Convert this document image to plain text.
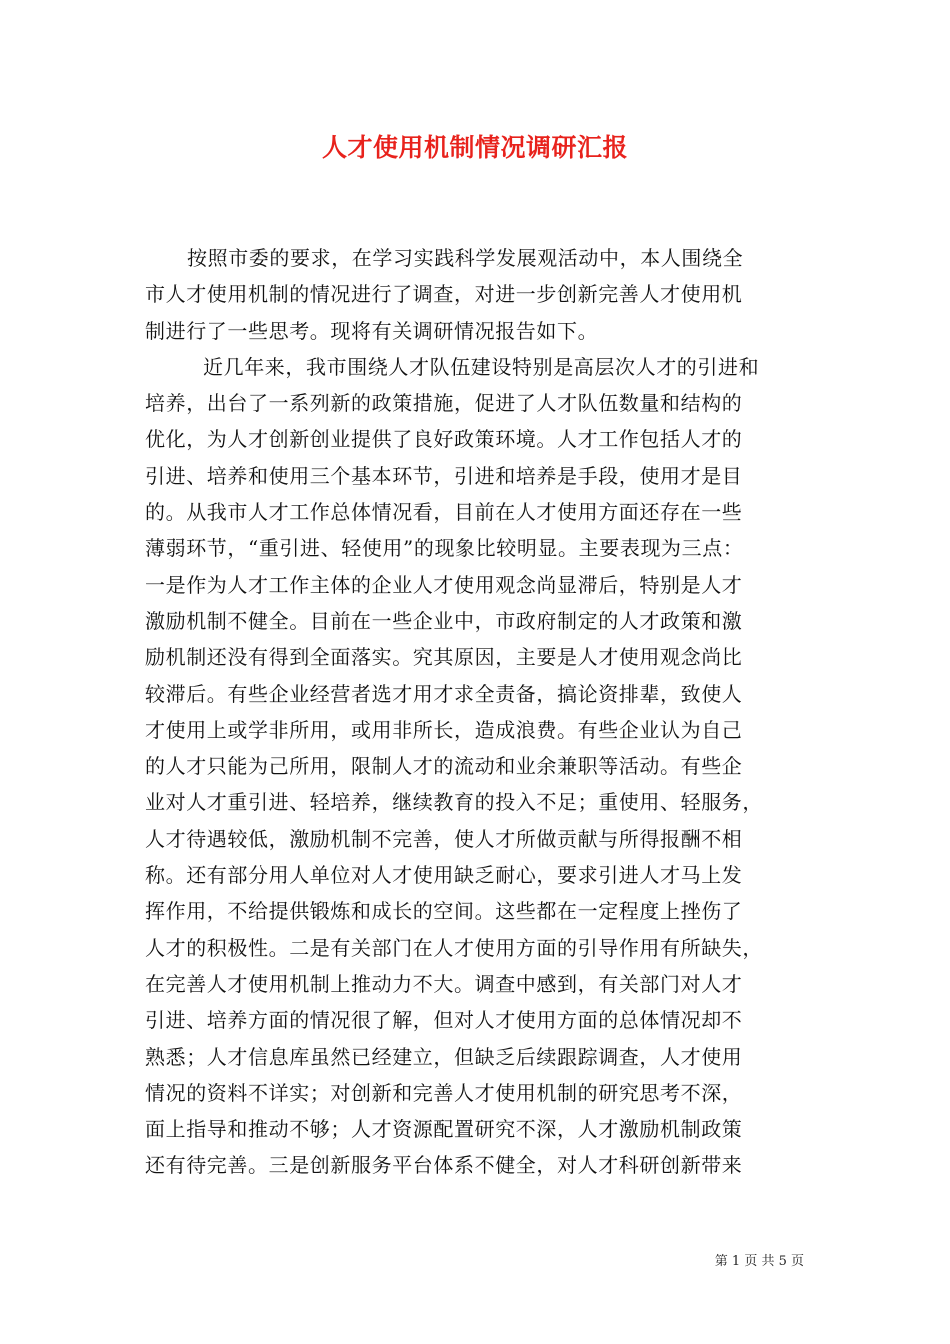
人才使用机制情况调研汇报
按照市委的要求，在学习实践科学发展观活动中，本人围绕全
市人才使用机制的情况进行了调查，对进一步创新完善人才使用机
制进行了一些思考。现将有关调研情况报告如下。
近几年来，我市围绕人才队伍建设特别是高层次人才的引进和
培养，出台了一系列新的政策措施，促进了人才队伍数量和结构的
优化，为人才创新创业提供了良好政策环境。人才工作包括人才的
引进、培养和使用三个基本环节，引进和培养是手段，使用才是目
的。从我市人才工作总体情况看，目前在人才使用方面还存在一些
薄弱环节，“重引进、轻使用”的现象比较明显。主要表现为三点：
一是作为人才工作主体的企业人才使用观念尚显滞后，特别是人才
激励机制不健全。目前在一些企业中，市政府制定的人才政策和激
励机制还没有得到全面落实。究其原因，主要是人才使用观念尚比
较滞后。有些企业经营者选才用才求全责备，搞论资排辈，致使人
才使用上或学非所用，或用非所长，造成浪费。有些企业认为自己
的人才只能为己所用，限制人才的流动和业余兼职等活动。有些企
业对人才重引进、轻培养，继续教育的投入不足；重使用、轻服务，
人才待遇较低，激励机制不完善，使人才所做贡献与所得报酬不相
称。还有部分用人单位对人才使用缺乏耐心，要求引进人才马上发
挥作用，不给提供锻炼和成长的空间。这些都在一定程度上挫伤了
人才的积极性。二是有关部门在人才使用方面的引导作用有所缺失，
在完善人才使用机制上推动力不大。调查中感到，有关部门对人才
引进、培养方面的情况很了解，但对人才使用方面的总体情况却不
熟悉；人才信息库虽然已经建立，但缺乏后续跟踪调查，人才使用
情况的资料不详实；对创新和完善人才使用机制的研究思考不深，
面上指导和推动不够；人才资源配置研究不深，人才激励机制政策
还有待完善。三是创新服务平台体系不健全，对人才科研创新带来
第 1 页 共 5 页
